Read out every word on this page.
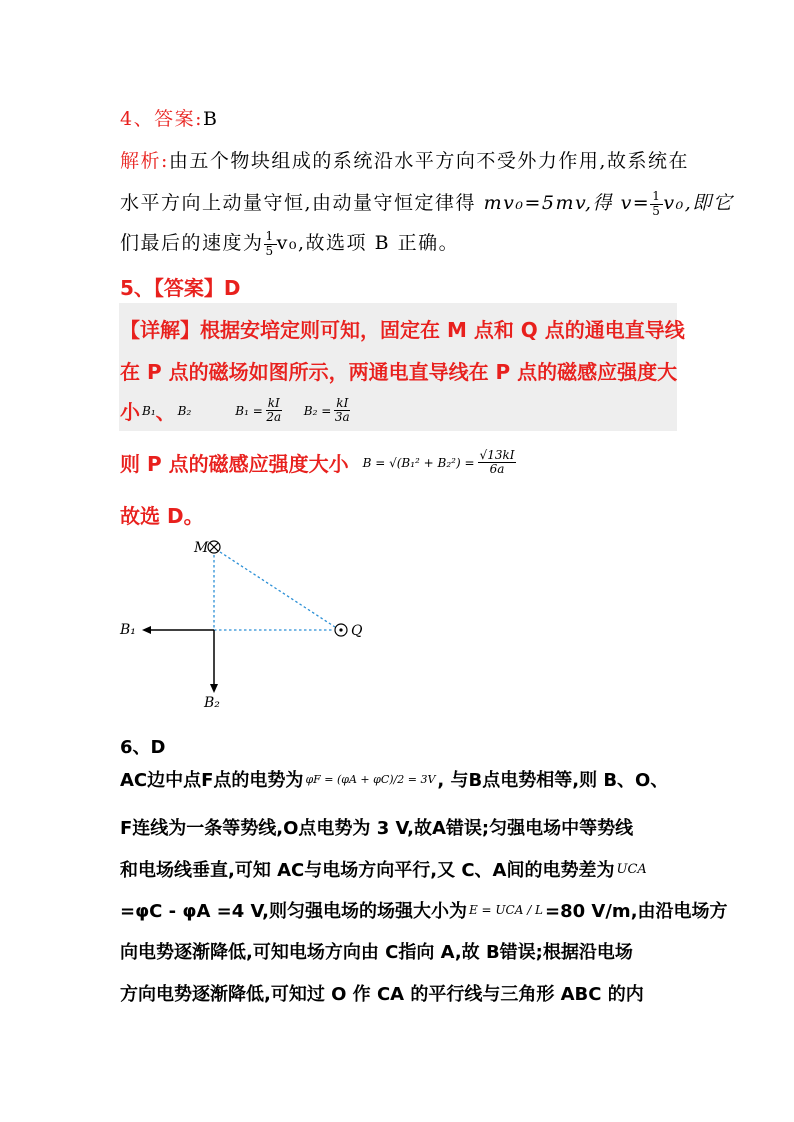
4、答案:B
解析:由五个物块组成的系统沿水平方向不受外力作用,故系统在
水平方向上动量守恒,由动量守恒定律得 mv₀=5mv,得 $v= \frac{1}{5} v_0$,即它
们最后的速度为 $\frac{1}{5} v_0$,故选项 B 正确。
5、【答案】D
【详解】根据安培定则可知，固定在 M 点和 Q 点的通电直导线
在 P 点的磁场如图所示，两通电直导线在 P 点的磁感应强度大
小 B₁ 、 B₂	$B_1 = \frac{kI}{2a} B_2 = \frac{kI}{3a}$
则 P 点的磁感应强度大小 $B = √(B_1^2 + B_2^2) = \frac{√13kI}{6a}$
故选 D。
M
Q
B₁
B₂
6、D
AC边中点F点的电势为 φF = (φA + φC)/2 = 3V , 与B点电势相等,则 B、O、
F连线为一条等势线,O点电势为 3 V,故A错误;匀强电场中等势线
和电场线垂直,可知 AC与电场方向平行,又 C、A间的电势差为 UCA
=φC - φA =4 V,则匀强电场的场强大小为 E = UCA / L =80 V/m,由沿电场方
向电势逐渐降低,可知电场方向由 C指向 A,故 B错误;根据沿电场
方向电势逐渐降低,可知过 O 作 CA 的平行线与三角形 ABC 的内
